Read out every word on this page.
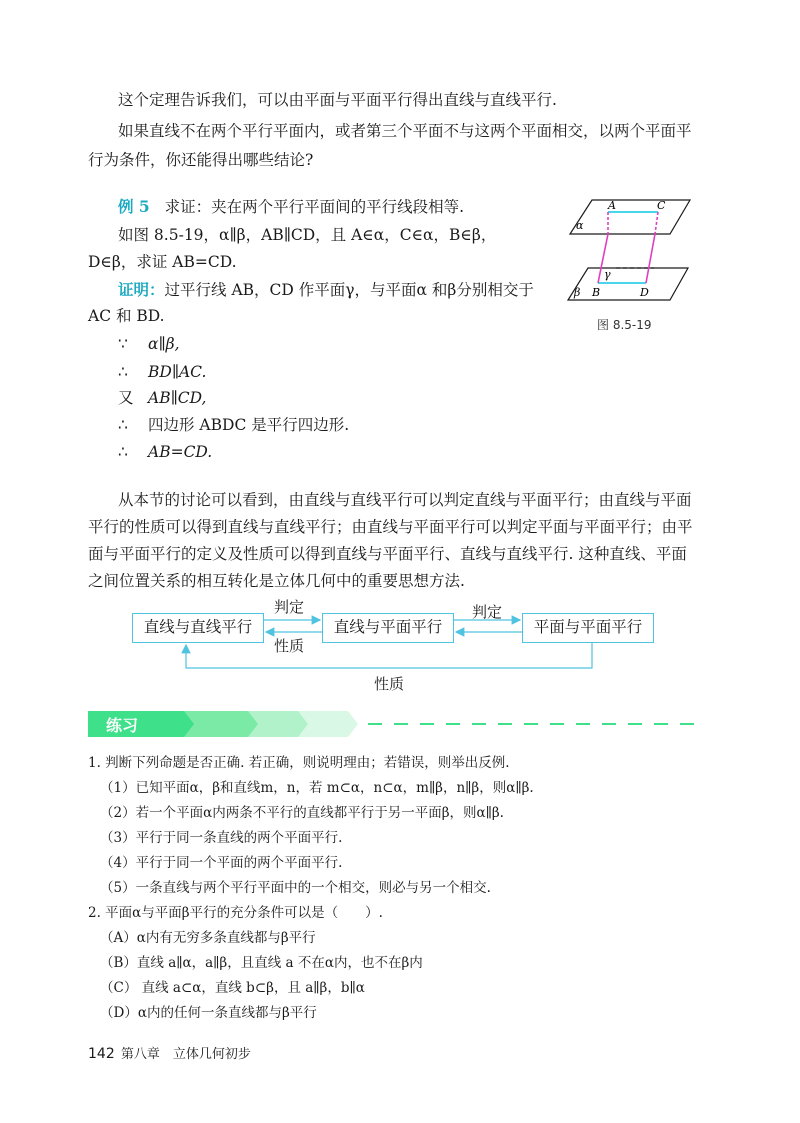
这个定理告诉我们，可以由平面与平面平行得出直线与直线平行.
如果直线不在两个平行平面内，或者第三个平面不与这两个平面相交，以两个平面平
行为条件，你还能得出哪些结论?
例 5 求证：夹在两个平行平面间的平行线段相等.
如图 8.5-19，α∥β，AB∥CD，且 A∈α，C∈α，B∈β，
D∈β，求证 AB=CD.
证明：过平行线 AB，CD 作平面γ，与平面α 和β分别相交于
AC 和 BD.
∵ α∥β,
∴ BD∥AC.
又 AB∥CD,
∴ 四边形 ABDC 是平行四边形.
∴ AB=CD.
A	C
α
γ
β B	D
图 8.5-19
从本节的讨论可以看到，由直线与直线平行可以判定直线与平面平行；由直线与平面
平行的性质可以得到直线与直线平行；由直线与平面平行可以判定平面与平面平行；由平
面与平面平行的定义及性质可以得到直线与平面平行、直线与直线平行. 这种直线、平面
之间位置关系的相互转化是立体几何中的重要思想方法.
直线与直线平行	直线与平面平行	平面与平面平行
判定
性质
判定
性质
练习
1. 判断下列命题是否正确. 若正确，则说明理由；若错误，则举出反例.
（1）已知平面α，β和直线m，n，若 m⊂α，n⊂α，m∥β，n∥β，则α∥β.
（2）若一个平面α内两条不平行的直线都平行于另一平面β，则α∥β.
（3）平行于同一条直线的两个平面平行.
（4）平行于同一个平面的两个平面平行.
（5）一条直线与两个平行平面中的一个相交，则必与另一个相交.
2. 平面α与平面β平行的充分条件可以是（　　）.
（A）α内有无穷多条直线都与β平行
（B）直线 a∥α，a∥β，且直线 a 不在α内，也不在β内
（C） 直线 a⊂α，直线 b⊂β，且 a∥β，b∥α
（D）α内的任何一条直线都与β平行
142 第八章　立体几何初步
